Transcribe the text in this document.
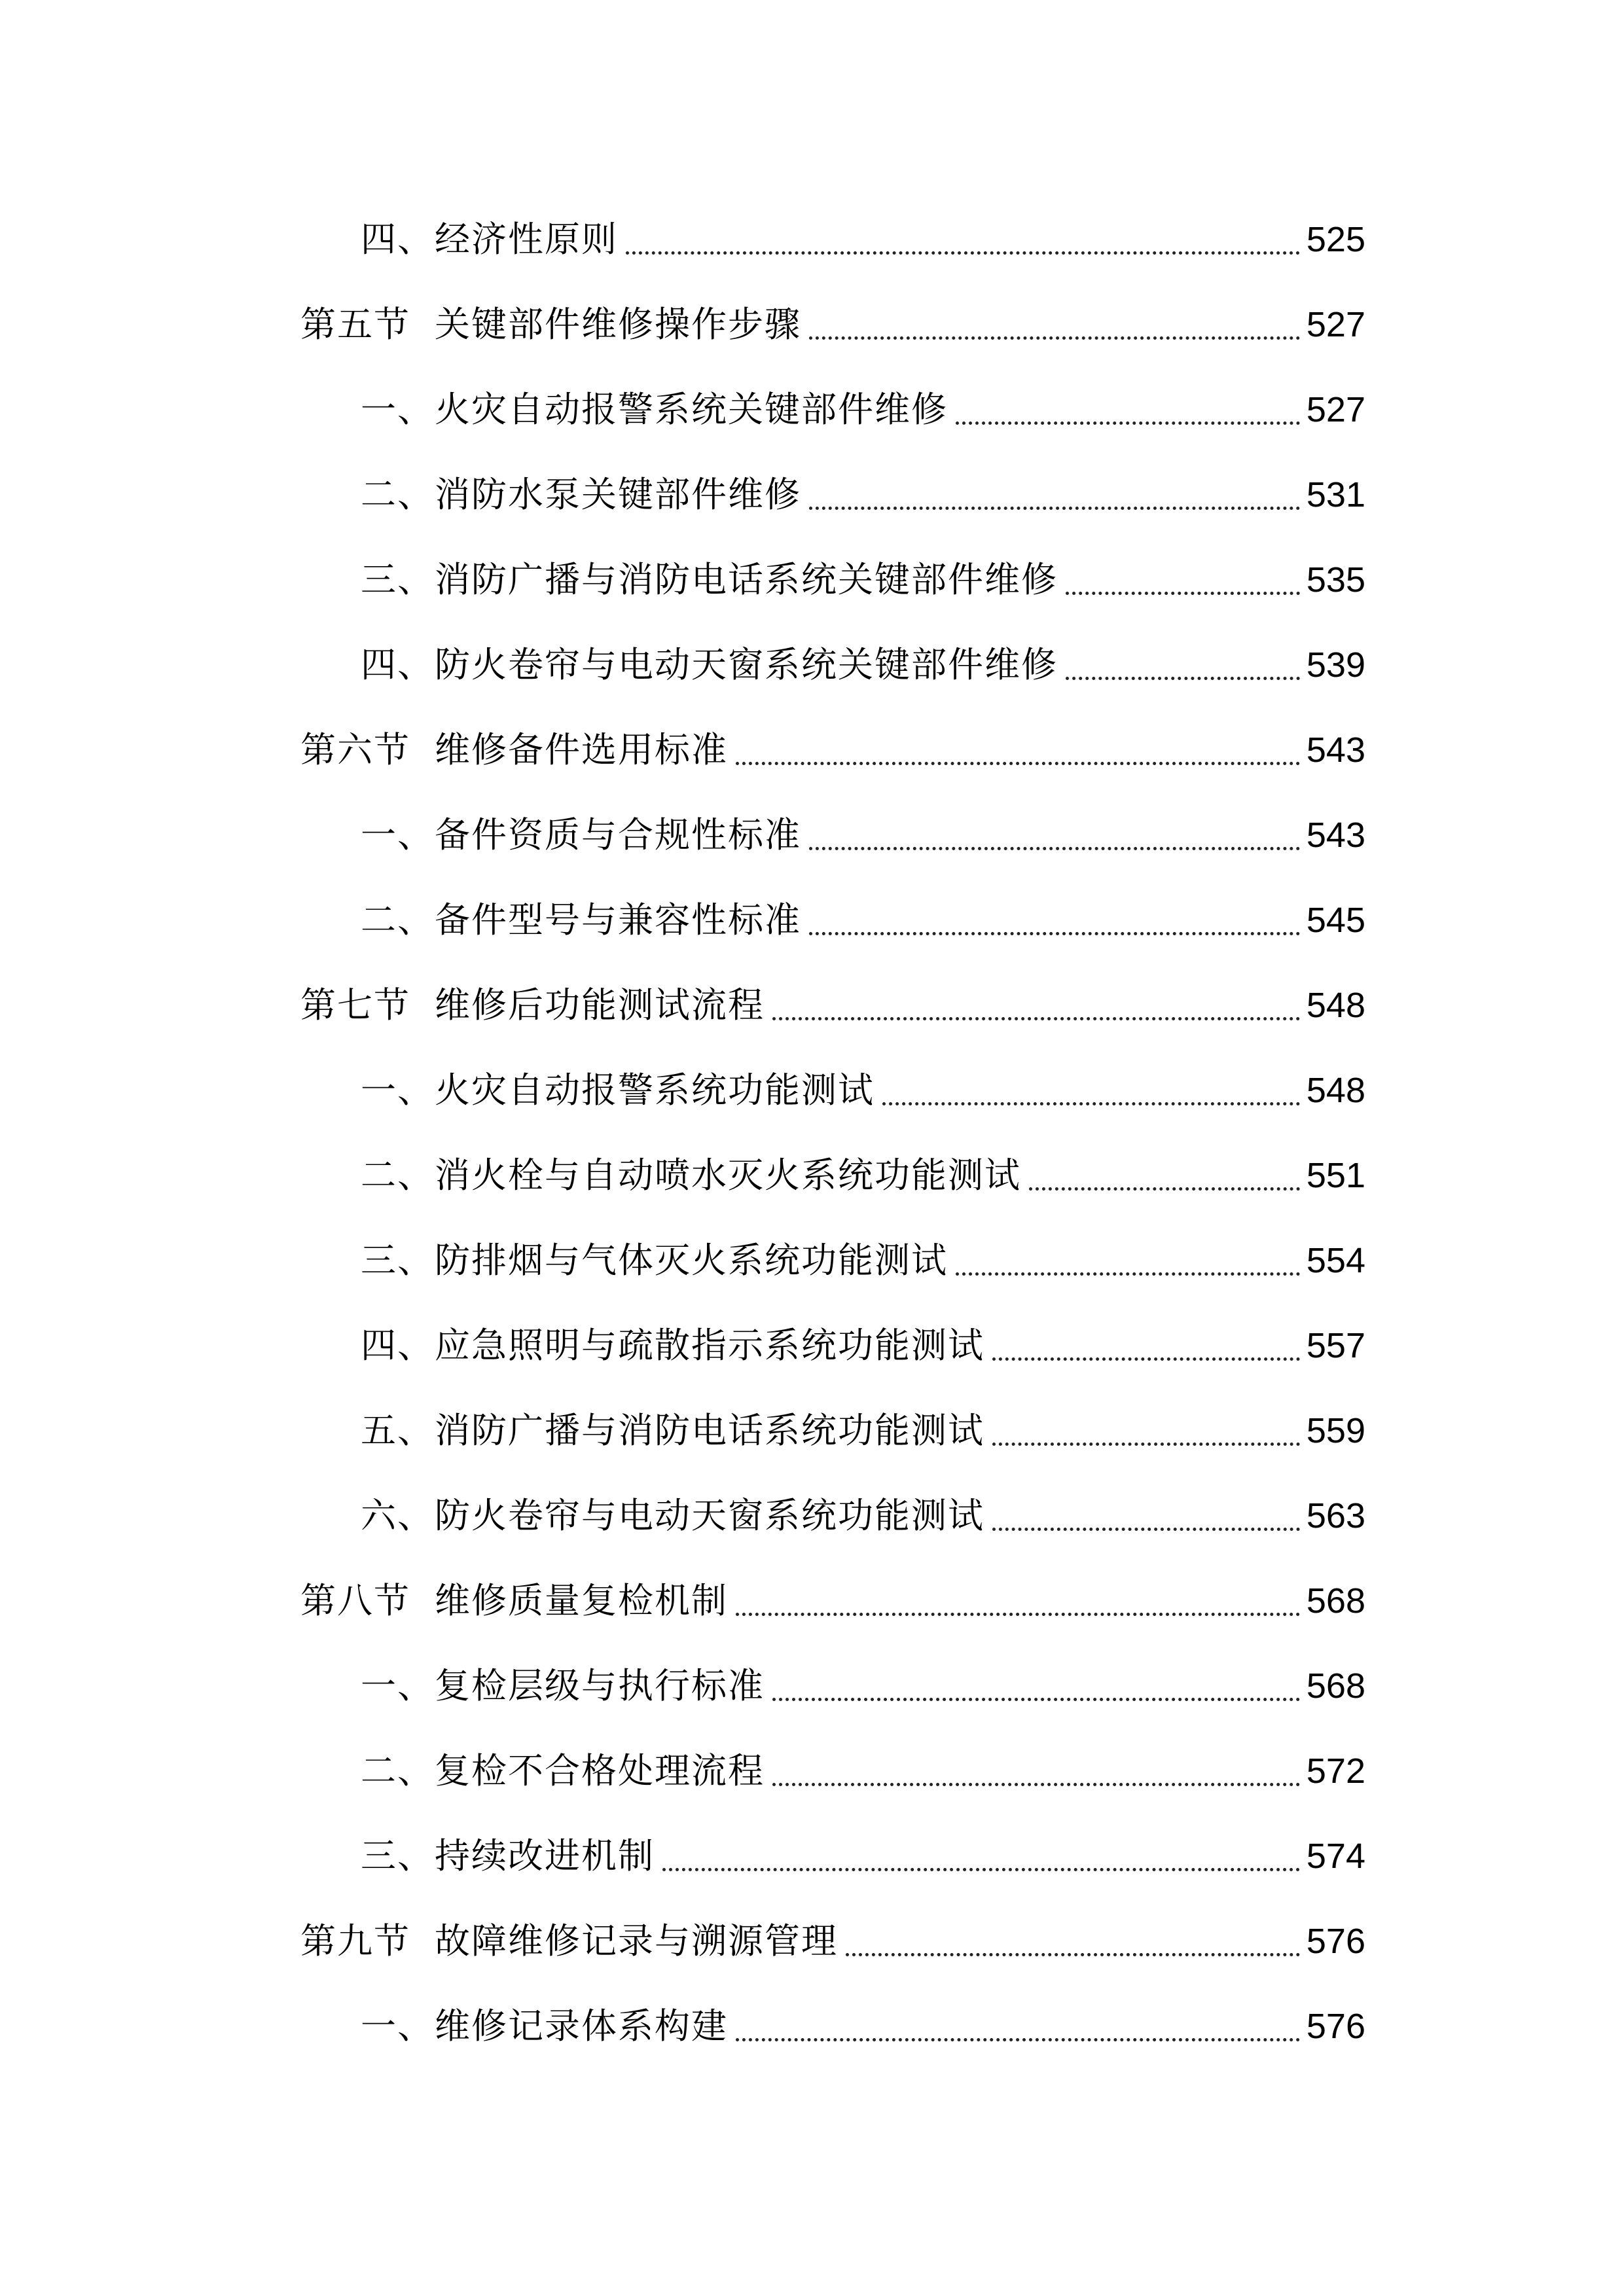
四、 经济性原则	525
第五节 关键部件维修操作步骤	527
一、 火灾自动报警系统关键部件维修	527
二、 消防水泵关键部件维修	531
三、 消防广播与消防电话系统关键部件维修	535
四、 防火卷帘与电动天窗系统关键部件维修	539
第六节 维修备件选用标准	543
一、 备件资质与合规性标准	543
二、 备件型号与兼容性标准	545
第七节 维修后功能测试流程	548
一、 火灾自动报警系统功能测试	548
二、 消火栓与自动喷水灭火系统功能测试	551
三、 防排烟与气体灭火系统功能测试	554
四、 应急照明与疏散指示系统功能测试	557
五、 消防广播与消防电话系统功能测试	559
六、 防火卷帘与电动天窗系统功能测试	563
第八节 维修质量复检机制	568
一、 复检层级与执行标准	568
二、 复检不合格处理流程	572
三、 持续改进机制	574
第九节 故障维修记录与溯源管理	576
一、 维修记录体系构建	576
